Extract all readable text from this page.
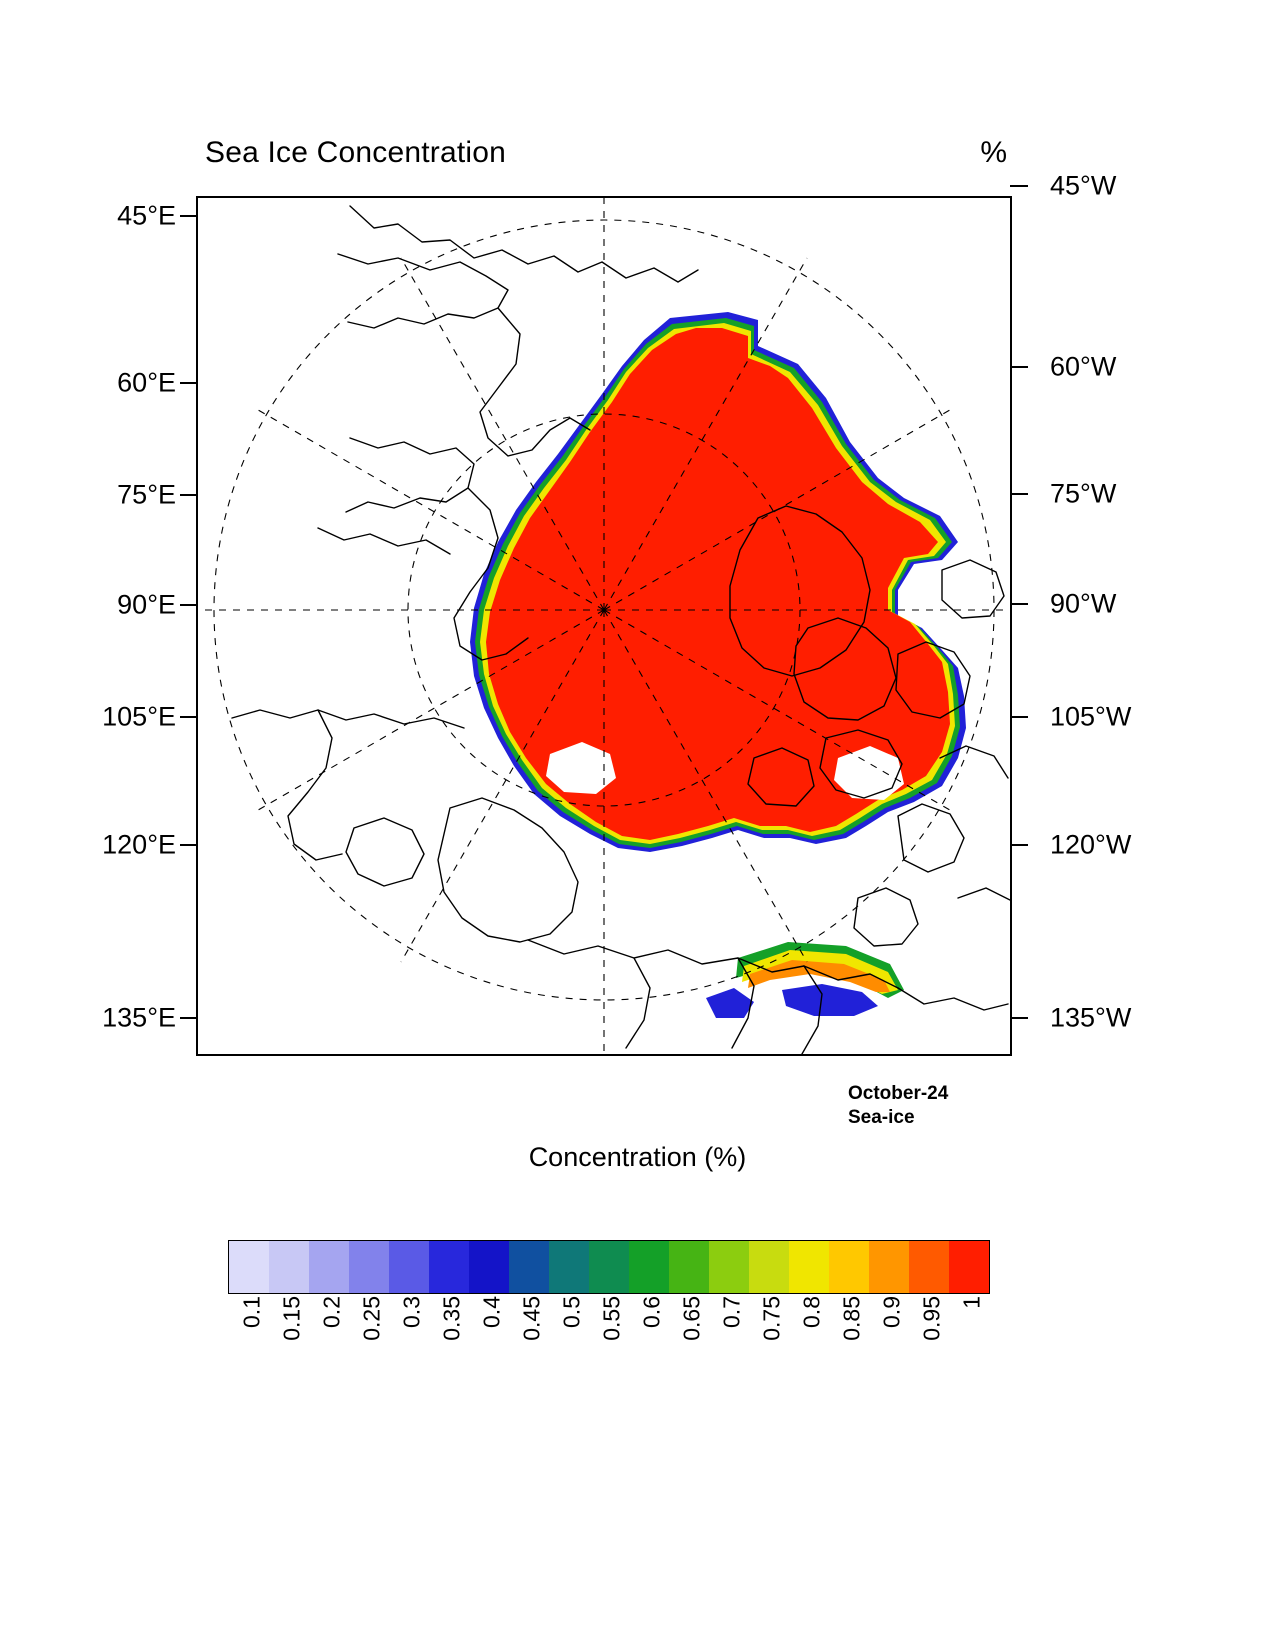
Sea Ice Concentration	%
45°E
60°E
75°E
90°E
105°E
120°E
135°E
45°W
60°W
75°W
90°W
105°W
120°W
135°W
October-24
Sea-ice
Concentration (%)
0.1 0.15 0.2 0.25 0.3 0.35 0.4 0.45 0.5 0.55 0.6 0.65 0.7 0.75 0.8 0.85 0.9 0.95 1
